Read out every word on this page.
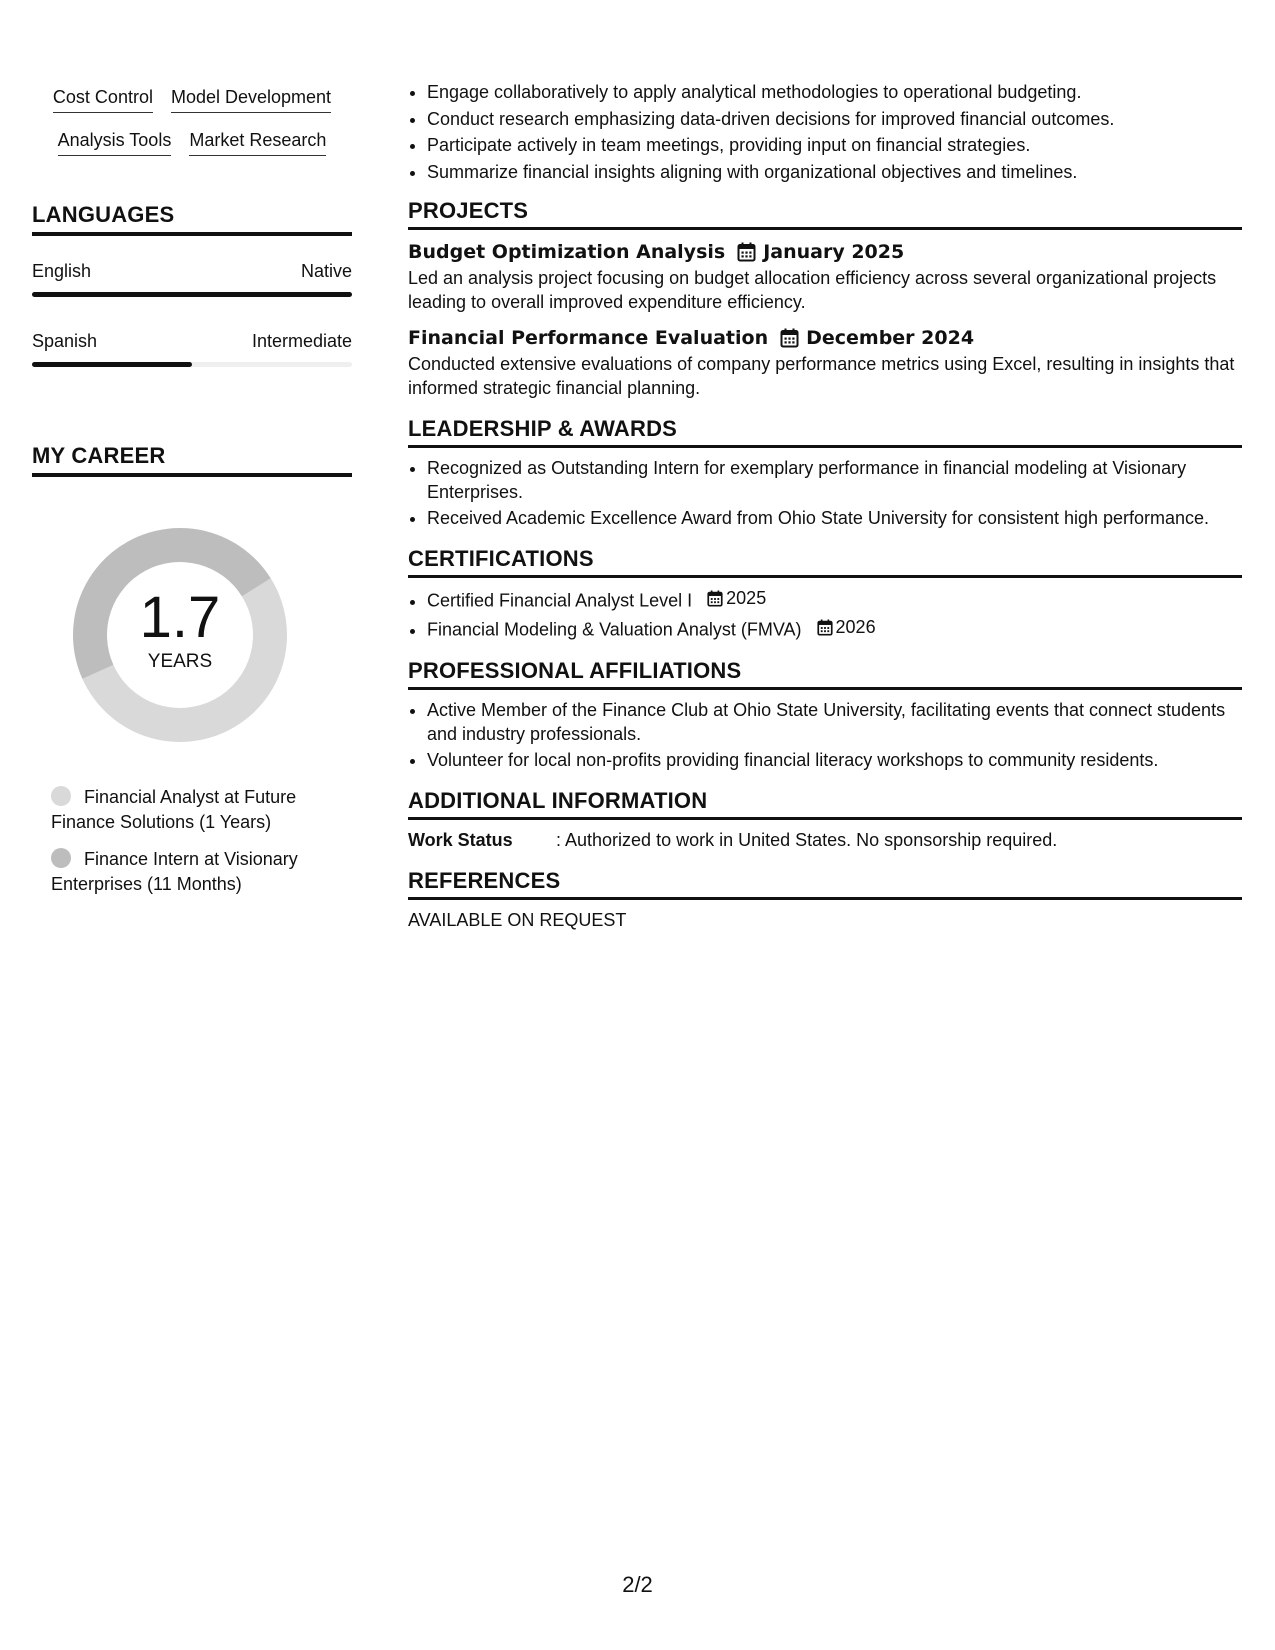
Cost Control Model Development
Analysis Tools Market Research
LANGUAGES
English	Native
Spanish	Intermediate
MY CAREER
1.7
YEARS
Financial Analyst at Future Finance Solutions (1 Years)
Finance Intern at Visionary Enterprises (11 Months)
• Engage collaboratively to apply analytical methodologies to operational budgeting.
• Conduct research emphasizing data-driven decisions for improved financial outcomes.
• Participate actively in team meetings, providing input on financial strategies.
• Summarize financial insights aligning with organizational objectives and timelines.
PROJECTS
Budget Optimization Analysis January 2025
Led an analysis project focusing on budget allocation efficiency across several organizational projects leading to overall improved expenditure efficiency.
Financial Performance Evaluation December 2024
Conducted extensive evaluations of company performance metrics using Excel, resulting in insights that informed strategic financial planning.
LEADERSHIP & AWARDS
• Recognized as Outstanding Intern for exemplary performance in financial modeling at Visionary Enterprises.
• Received Academic Excellence Award from Ohio State University for consistent high performance.
CERTIFICATIONS
• Certified Financial Analyst Level I 2025
• Financial Modeling & Valuation Analyst (FMVA) 2026
PROFESSIONAL AFFILIATIONS
• Active Member of the Finance Club at Ohio State University, facilitating events that connect students and industry professionals.
• Volunteer for local non-profits providing financial literacy workshops to community residents.
ADDITIONAL INFORMATION
Work Status	: Authorized to work in United States. No sponsorship required.
REFERENCES
AVAILABLE ON REQUEST
2/2
